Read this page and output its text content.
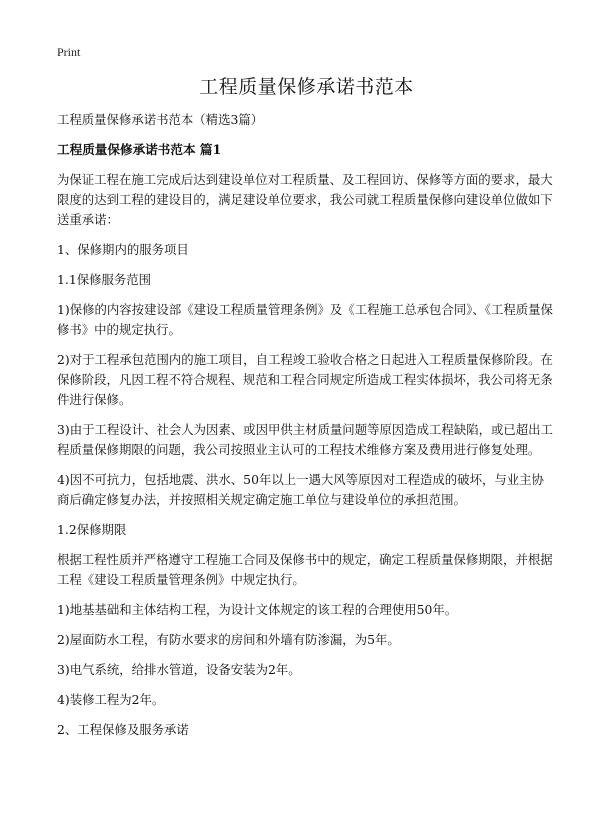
Print
工程质量保修承诺书范本
工程质量保修承诺书范本（精选3篇）
工程质量保修承诺书范本 篇1
为保证工程在施工完成后达到建设单位对工程质量、及工程回访、保修等方面的要求，最大限度的达到工程的建设目的，满足建设单位要求，我公司就工程质量保修向建设单位做如下送重承诺：
1、保修期内的服务项目
1.1保修服务范围
1)保修的内容按建设部《建设工程质量管理条例》及《工程施工总承包合同》、《工程质量保修书》中的规定执行。
2)对于工程承包范围内的施工项目，自工程竣工验收合格之日起进入工程质量保修阶段。在保修阶段，凡因工程不符合规程、规范和工程合同规定所造成工程实体损坏，我公司将无条件进行保修。
3)由于工程设计、社会人为因素、或因甲供主材质量问题等原因造成工程缺陷，或已超出工程质量保修期限的问题，我公司按照业主认可的工程技术维修方案及费用进行修复处理。
4)因不可抗力，包括地震、洪水、50年以上一遇大风等原因对工程造成的破坏，与业主协商后确定修复办法，并按照相关规定确定施工单位与建设单位的承担范围。
1.2保修期限
根据工程性质并严格遵守工程施工合同及保修书中的规定，确定工程质量保修期限，并根据工程《建设工程质量管理条例》中规定执行。
1)地基基础和主体结构工程，为设计文体规定的该工程的合理使用50年。
2)屋面防水工程，有防水要求的房间和外墙有防渗漏，为5年。
3)电气系统，给排水管道，设备安装为2年。
4)装修工程为2年。
2、工程保修及服务承诺
